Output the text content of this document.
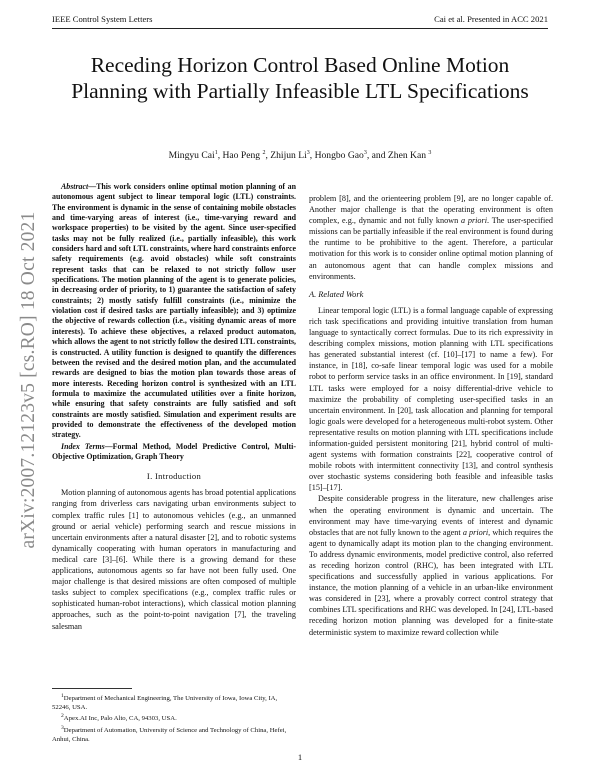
IEEE Control System Letters	Cai et al. Presented in ACC 2021
arXiv:2007.12123v5 [cs.RO] 18 Oct 2021
Receding Horizon Control Based Online Motion Planning with Partially Infeasible LTL Specifications
Mingyu Cai$^1$, Hao Peng $^2$, Zhijun Li$^3$, Hongbo Gao$^3$, and Zhen Kan $^3$

Abstract—This work considers online optimal motion planning of an autonomous agent subject to linear temporal logic (LTL) constraints. The environment is dynamic in the sense of containing mobile obstacles and time-varying areas of interest (i.e., time-varying reward and workspace properties) to be visited by the agent. Since user-specified tasks may not be fully realized (i.e., partially infeasible), this work considers hard and soft LTL constraints, where hard constraints enforce safety requirements (e.g. avoid obstacles) while soft constraints represent tasks that can be relaxed to not strictly follow user specifications. The motion planning of the agent is to generate policies, in decreasing order of priority, to 1) guarantee the satisfaction of safety constraints; 2) mostly satisfy fulfill constraints (i.e., minimize the violation cost if desired tasks are partially infeasible); and 3) optimize the objective of rewards collection (i.e., visiting dynamic areas of more interests). To achieve these objectives, a relaxed product automaton, which allows the agent to not strictly follow the desired LTL constraints, is constructed. A utility function is designed to quantify the differences between the revised and the desired motion plan, and the accumulated rewards are designed to bias the motion plan towards those areas of more interests. Receding horizon control is synthesized with an LTL formula to maximize the accumulated utilities over a finite horizon, while ensuring that safety constraints are fully satisfied and soft constraints are mostly satisfied. Simulation and experiment results are provided to demonstrate the effectiveness of the developed motion strategy.

Index Terms—Formal Method, Model Predictive Control, Multi-Objective Optimization, Graph Theory

I. Introduction

Motion planning of autonomous agents has broad potential applications ranging from driverless cars navigating urban environments subject to complex traffic rules [1] to autonomous vehicles (e.g., an unmanned ground or aerial vehicle) performing search and rescue missions in uncertain environments after a natural disaster [2], and to robotic systems dynamically cooperating with human operators in manufacturing and medical care [3]–[6]. While there is a growing demand for these applications, autonomous agents so far have not been fully used. One major challenge is that desired missions are often composed of multiple tasks subject to complex specifications (e.g., complex traffic rules or sophisticated human-robot interactions), which classical motion planning approaches, such as the point-to-point navigation [7], the traveling salesman

problem [8], and the orienteering problem [9], are no longer capable of. Another major challenge is that the operating environment is often complex, e.g., dynamic and not fully known a priori. The user-specified missions can be partially infeasible if the real environment is found during the runtime to be prohibitive to the agent. Therefore, a particular motivation for this work is to consider online optimal motion planning of an autonomous agent that can handle complex missions and environments.

A. Related Work

Linear temporal logic (LTL) is a formal language capable of expressing rich task specifications and providing intuitive translation from human language to syntactically correct formulas. Due to its rich expressivity in describing complex missions, motion planning with LTL specifications has generated substantial interest (cf. [10]–[17] to name a few). For instance, in [18], co-safe linear temporal logic was used for a mobile robot to perform service tasks in an office environment. In [19], standard LTL tasks were employed for a noisy differential-drive vehicle to maximize the probability of completing user-specified tasks in an uncertain environment. In [20], task allocation and planning for temporal logic goals were developed for a heterogeneous multi-robot system. Other representative results on motion planning with LTL specifications include information-guided persistent monitoring [21], hybrid control of multi-agent systems with formation constraints [22], cooperative control of mobile robots with intermittent connectivity [13], and control synthesis over stochastic systems considering both feasible and infeasible tasks [15]–[17].

Despite considerable progress in the literature, new challenges arise when the operating environment is dynamic and uncertain. The environment may have time-varying events of interest and dynamic obstacles that are not fully known to the agent a priori, which requires the agent to dynamically adapt its motion plan to the changing environment. To address dynamic environments, model predictive control, also referred as receding horizon control (RHC), has been integrated with LTL specifications and successfully applied in various applications. For instance, the motion planning of a vehicle in an urban-like environment was considered in [23], where a provably correct control strategy that combines LTL specifications and RHC was developed. In [24], LTL-based receding horizon motion planning was developed for a finite-state deterministic system to maximize reward collection while

$^1$Department of Mechanical Engineering, The University of Iowa, Iowa City, IA, 52246, USA.

$^2$Apex.AI Inc, Palo Alto, CA, 94303, USA.

$^3$Department of Automation, University of Science and Technology of China, Hefei, Anhui, China.

1
